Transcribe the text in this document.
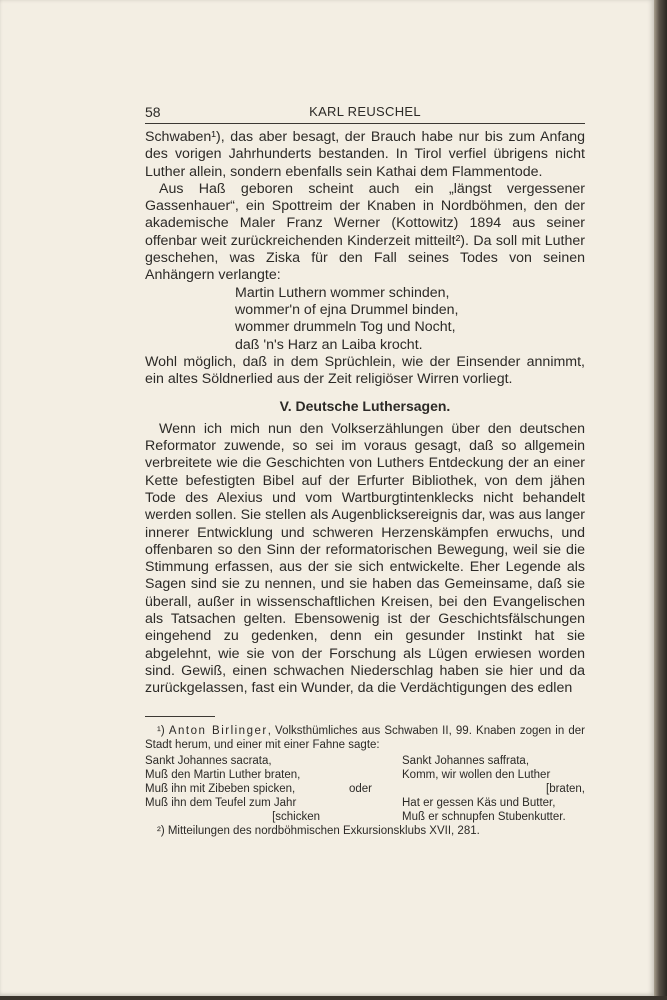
58	KARL REUSCHEL

Schwaben¹), das aber besagt, der Brauch habe nur bis zum Anfang des vorigen Jahrhunderts bestanden. In Tirol verfiel übrigens nicht Luther allein, sondern ebenfalls sein Kathai dem Flammentode.

Aus Haß geboren scheint auch ein „längst vergessener Gassenhauer“, ein Spottreim der Knaben in Nordböhmen, den der akademische Maler Franz Werner (Kottowitz) 1894 aus seiner offenbar weit zurückreichenden Kinderzeit mitteilt²). Da soll mit Luther geschehen, was Ziska für den Fall seines Todes von seinen Anhängern verlangte:

Martin Luthern wommer schinden,
wommer'n of ejna Drummel binden,
wommer drummeln Tog und Nocht,
daß 'n's Harz an Laiba krocht.

Wohl möglich, daß in dem Sprüchlein, wie der Einsender annimmt, ein altes Söldnerlied aus der Zeit religiöser Wirren vorliegt.

V. Deutsche Luthersagen.

Wenn ich mich nun den Volkserzählungen über den deutschen Reformator zuwende, so sei im voraus gesagt, daß so allgemein verbreitete wie die Geschichten von Luthers Entdeckung der an einer Kette befestigten Bibel auf der Erfurter Bibliothek, von dem jähen Tode des Alexius und vom Wartburgtintenklecks nicht behandelt werden sollen. Sie stellen als Augenblicksereignis dar, was aus langer innerer Entwicklung und schweren Herzenskämpfen erwuchs, und offenbaren so den Sinn der reformatorischen Bewegung, weil sie die Stimmung erfassen, aus der sie sich entwickelte. Eher Legende als Sagen sind sie zu nennen, und sie haben das Gemeinsame, daß sie überall, außer in wissenschaftlichen Kreisen, bei den Evangelischen als Tatsachen gelten. Ebensowenig ist der Geschichtsfälschungen eingehend zu gedenken, denn ein gesunder Instinkt hat sie abgelehnt, wie sie von der Forschung als Lügen erwiesen worden sind. Gewiß, einen schwachen Niederschlag haben sie hier und da zurückgelassen, fast ein Wunder, da die Verdächtigungen des edlen

¹) Anton Birlinger, Volksthümliches aus Schwaben II, 99. Knaben zogen in der Stadt herum, und einer mit einer Fahne sagte:

Sankt Johannes sacrata,
Muß den Martin Luther braten,
Muß ihn mit Zibeben spicken,
Muß ihn dem Teufel zum Jahr
[schicken
oder
Sankt Johannes saffrata,
Komm, wir wollen den Luther
[braten,
Hat er gessen Käs und Butter,
Muß er schnupfen Stubenkutter.

²) Mitteilungen des nordböhmischen Exkursionsklubs XVII, 281.
